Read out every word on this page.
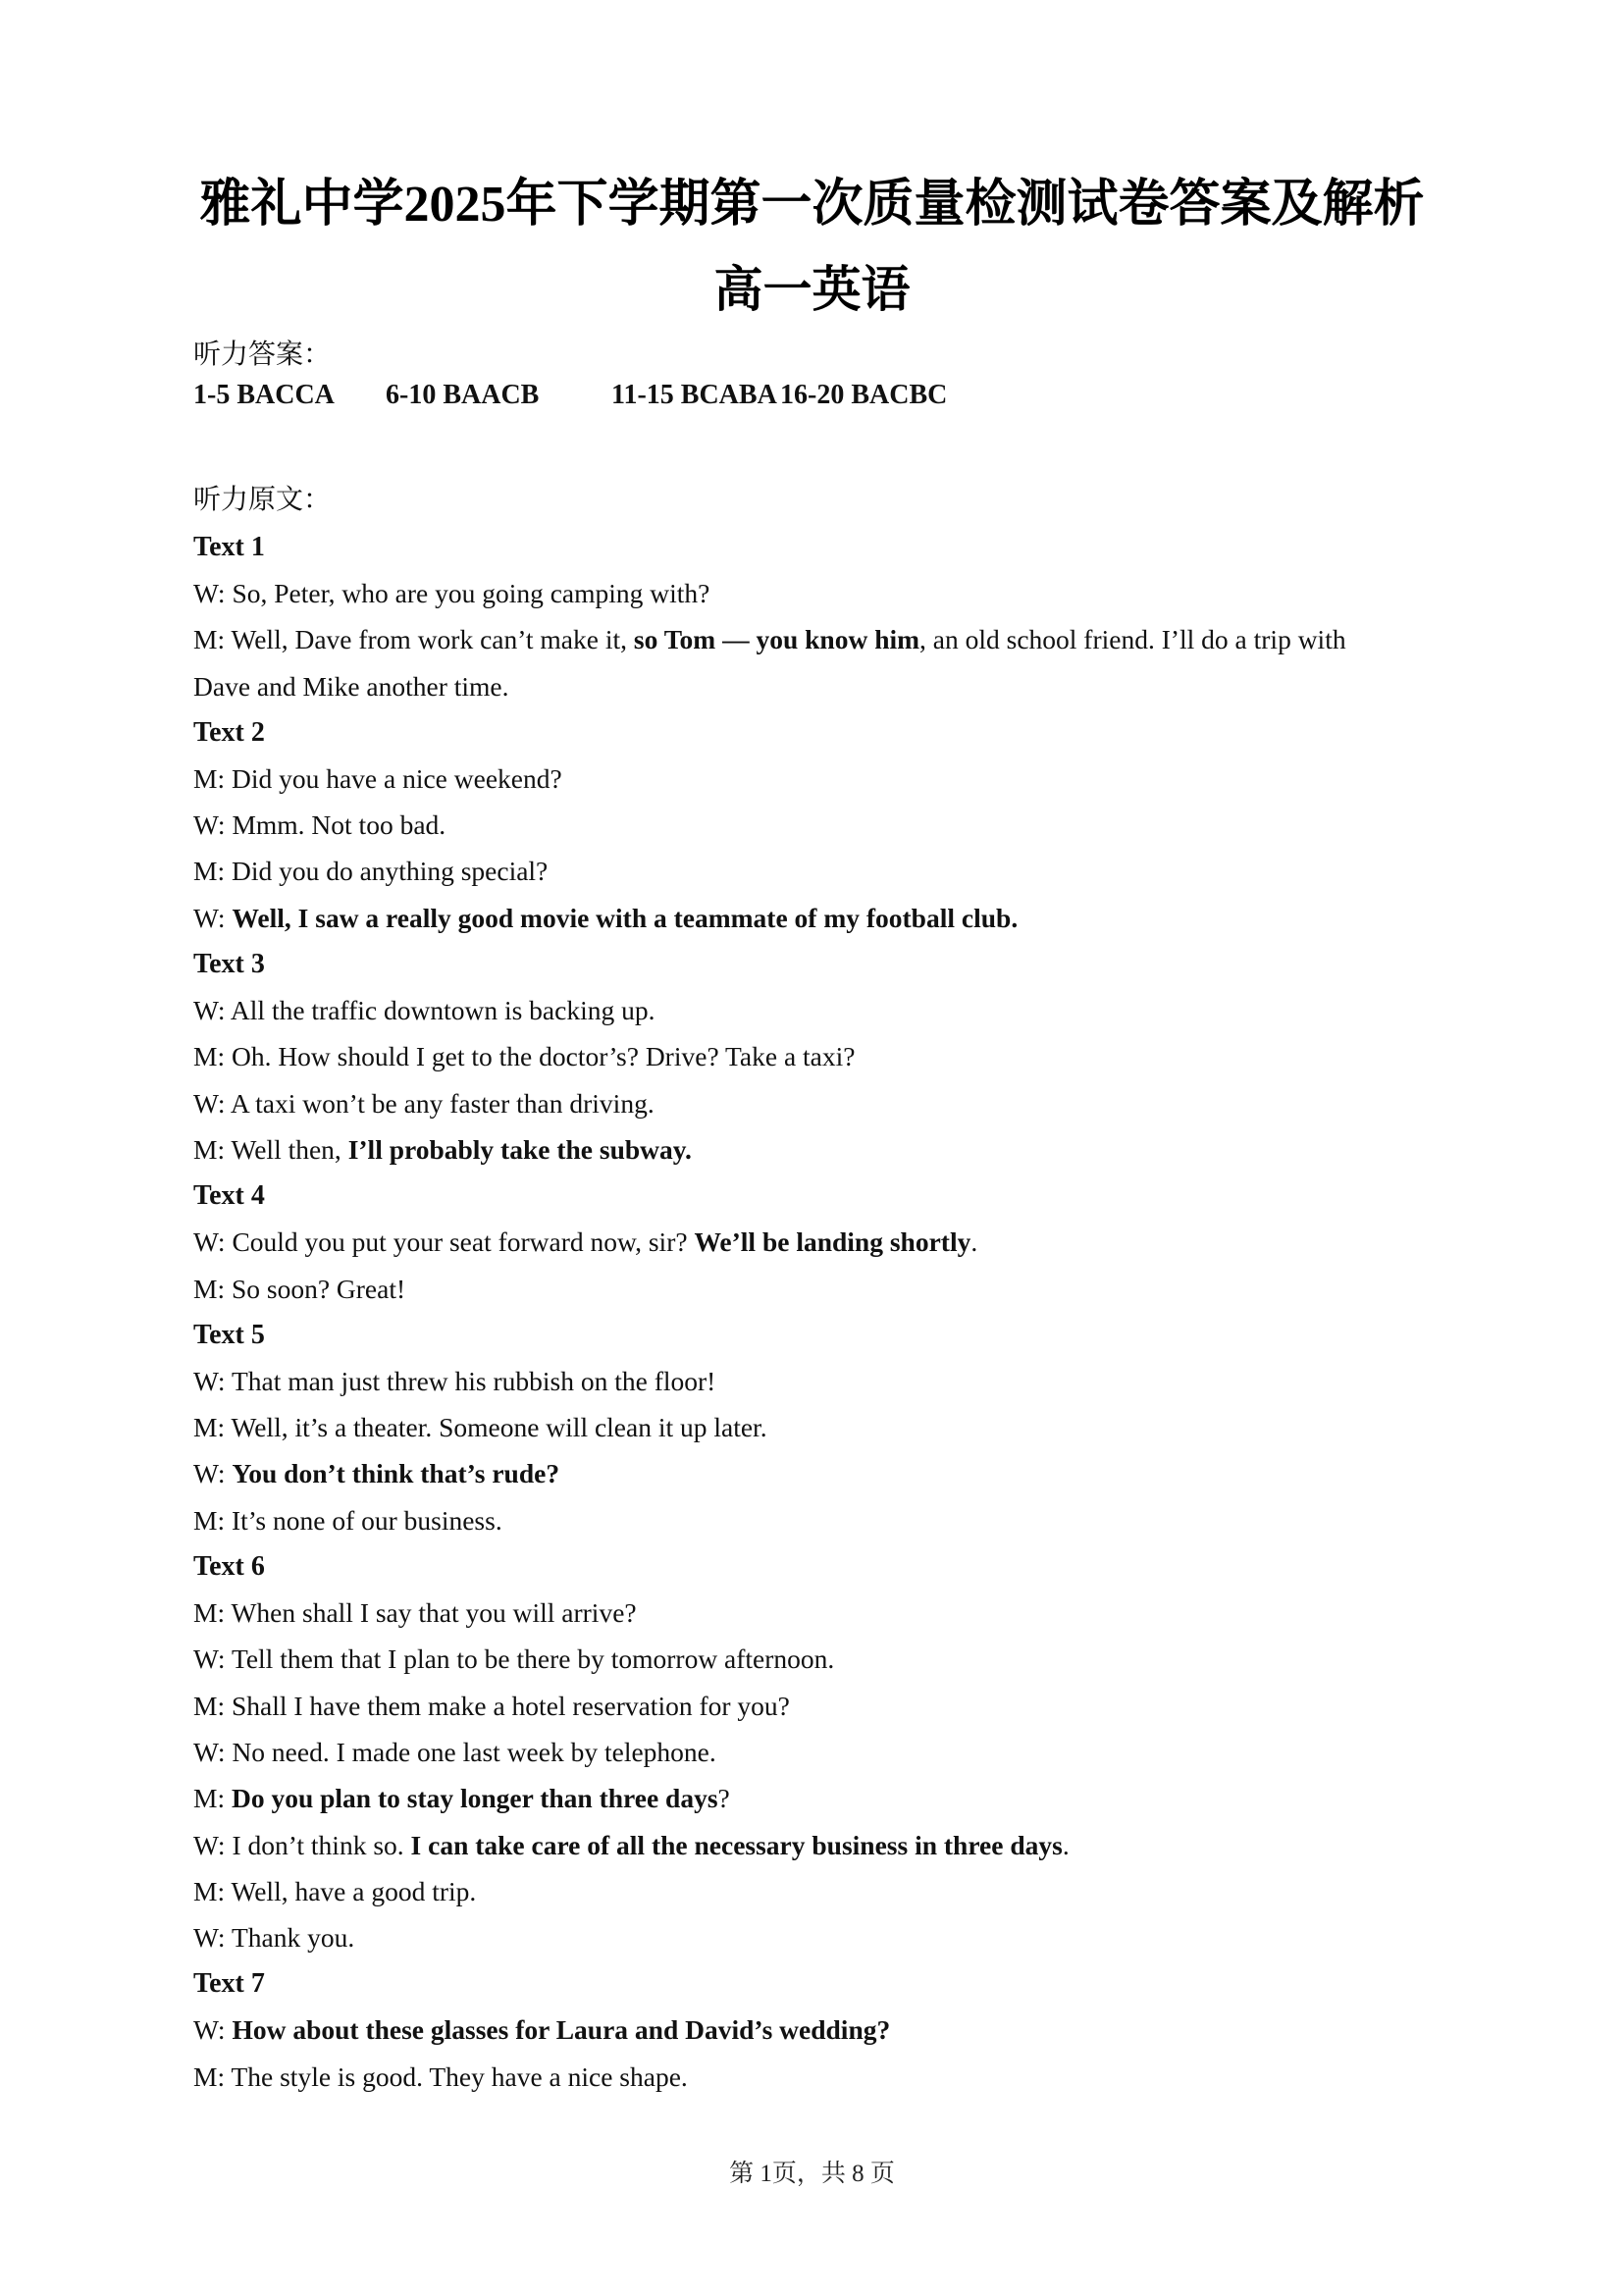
雅礼中学2025年下学期第一次质量检测试卷答案及解析
高一英语
听力答案：
1-5 BACCA 6-10 BAACB	11-15 BCABA 16-20 BACBC
听力原文：
Text 1
W: So, Peter, who are you going camping with?
M: Well, Dave from work can’t make it, so Tom — you know him, an old school friend. I’ll do a trip with
Dave and Mike another time.
Text 2
M: Did you have a nice weekend?
W: Mmm. Not too bad.
M: Did you do anything special?
W: Well, I saw a really good movie with a teammate of my football club.
Text 3
W: All the traffic downtown is backing up.
M: Oh. How should I get to the doctor’s? Drive? Take a taxi?
W: A taxi won’t be any faster than driving.
M: Well then, I’ll probably take the subway.
Text 4
W: Could you put your seat forward now, sir? We’ll be landing shortly.
M: So soon? Great!
Text 5
W: That man just threw his rubbish on the floor!
M: Well, it’s a theater. Someone will clean it up later.
W: You don’t think that’s rude?
M: It’s none of our business.
Text 6
M: When shall I say that you will arrive?
W: Tell them that I plan to be there by tomorrow afternoon.
M: Shall I have them make a hotel reservation for you?
W: No need. I made one last week by telephone.
M: Do you plan to stay longer than three days?
W: I don’t think so. I can take care of all the necessary business in three days.
M: Well, have a good trip.
W: Thank you.
Text 7
W: How about these glasses for Laura and David’s wedding?
M: The style is good. They have a nice shape.
第 1页，共 8 页
